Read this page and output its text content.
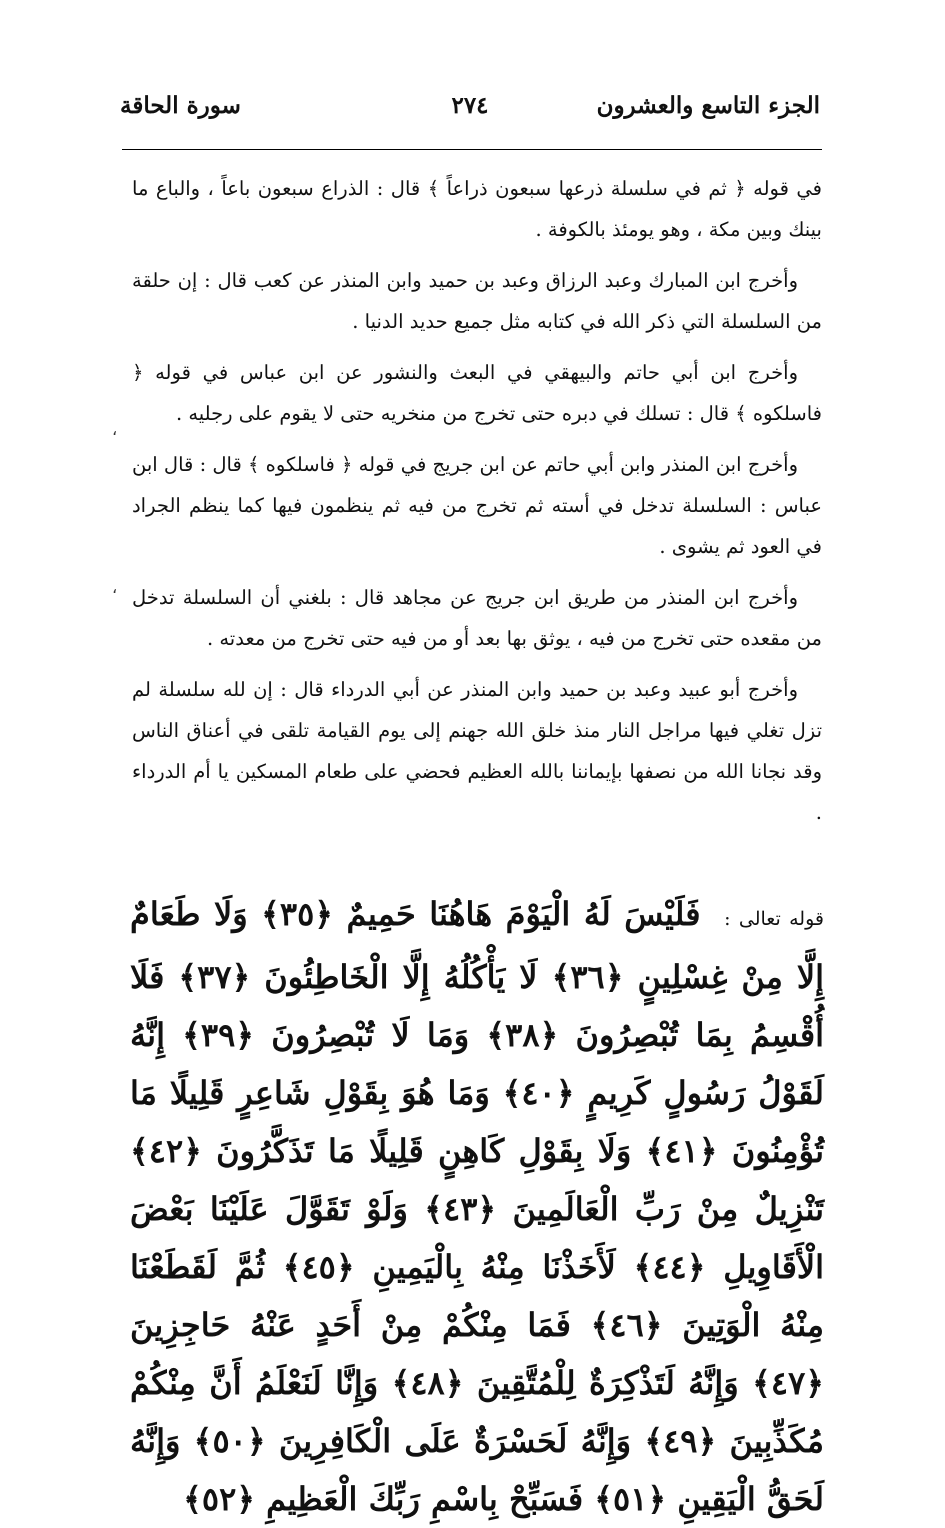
الجزء التاسع والعشرون
٢٧٤
سورة الحاقة

في قوله ﴿ ثم في سلسلة ذرعها سبعون ذراعاً ﴾ قال : الذراع سبعون باعاً ، والباع ما بينك وبين مكة ، وهو يومئذ بالكوفة .

وأخرج ابن المبارك وعبد الرزاق وعبد بن حميد وابن المنذر عن كعب قال : إن حلقة من السلسلة التي ذكر الله في كتابه مثل جميع حديد الدنيا .

وأخرج ابن أبي حاتم والبيهقي في البعث والنشور عن ابن عباس في قوله ﴿ فاسلكوه ﴾ قال : تسلك في دبره حتى تخرج من منخريه حتى لا يقوم على رجليه .

وأخرج ابن المنذر وابن أبي حاتم عن ابن جريج في قوله ﴿ فاسلكوه ﴾ قال : قال ابن عباس : السلسلة تدخل في أسته ثم تخرج من فيه ثم ينظمون فيها كما ينظم الجراد في العود ثم يشوى .

وأخرج ابن المنذر من طريق ابن جريج عن مجاهد قال : بلغني أن السلسلة تدخل من مقعده حتى تخرج من فيه ، يوثق بها بعد أو من فيه حتى تخرج من معدته .

وأخرج أبو عبيد وعبد بن حميد وابن المنذر عن أبي الدرداء قال : إن لله سلسلة لم تزل تغلي فيها مراجل النار منذ خلق الله جهنم إلى يوم القيامة تلقى في أعناق الناس وقد نجانا الله من نصفها بإيماننا بالله العظيم فحضي على طعام المسكين يا أم الدرداء .

،
،
قوله تعالى : فَلَيْسَ لَهُ الْيَوْمَ هَاهُنَا حَمِيمٌ ﴿٣٥﴾ وَلَا طَعَامٌ إِلَّا مِنْ غِسْلِينٍ ﴿٣٦﴾ لَا يَأْكُلُهُ إِلَّا الْخَاطِئُونَ ﴿٣٧﴾ فَلَا أُقْسِمُ بِمَا تُبْصِرُونَ ﴿٣٨﴾ وَمَا لَا تُبْصِرُونَ ﴿٣٩﴾ إِنَّهُ لَقَوْلُ رَسُولٍ كَرِيمٍ ﴿٤٠﴾ وَمَا هُوَ بِقَوْلِ شَاعِرٍ قَلِيلًا مَا تُؤْمِنُونَ ﴿٤١﴾ وَلَا بِقَوْلِ كَاهِنٍ قَلِيلًا مَا تَذَكَّرُونَ ﴿٤٢﴾ تَنْزِيلٌ مِنْ رَبِّ الْعَالَمِينَ ﴿٤٣﴾ وَلَوْ تَقَوَّلَ عَلَيْنَا بَعْضَ الْأَقَاوِيلِ ﴿٤٤﴾ لَأَخَذْنَا مِنْهُ بِالْيَمِينِ ﴿٤٥﴾ ثُمَّ لَقَطَعْنَا مِنْهُ الْوَتِينَ ﴿٤٦﴾ فَمَا مِنْكُمْ مِنْ أَحَدٍ عَنْهُ حَاجِزِينَ ﴿٤٧﴾ وَإِنَّهُ لَتَذْكِرَةٌ لِلْمُتَّقِينَ ﴿٤٨﴾ وَإِنَّا لَنَعْلَمُ أَنَّ مِنْكُمْ مُكَذِّبِينَ ﴿٤٩﴾ وَإِنَّهُ لَحَسْرَةٌ عَلَى الْكَافِرِينَ ﴿٥٠﴾ وَإِنَّهُ لَحَقُّ الْيَقِينِ ﴿٥١﴾ فَسَبِّحْ بِاسْمِ رَبِّكَ الْعَظِيمِ ﴿٥٢﴾
